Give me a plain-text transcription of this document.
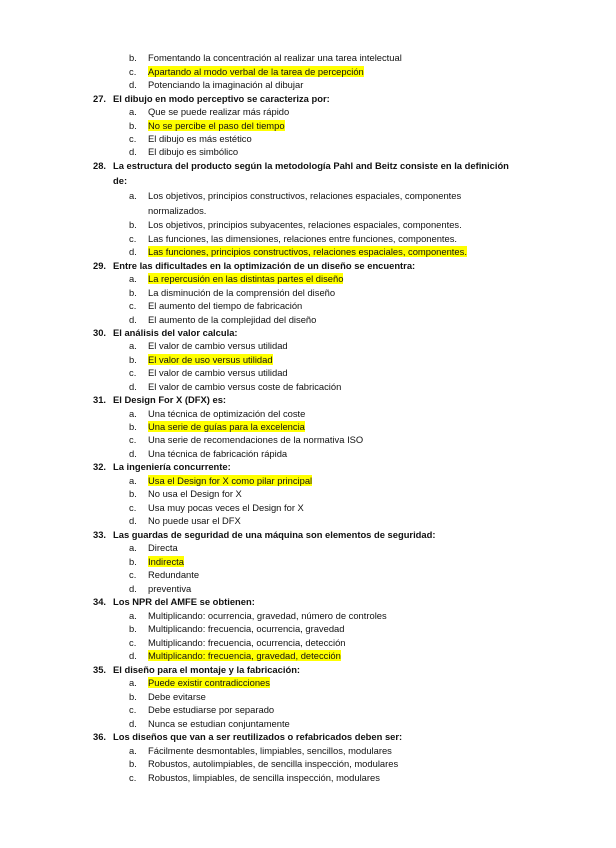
b. Fomentando la concentración al realizar una tarea intelectual
c. Apartando al modo verbal de la tarea de percepción
d. Potenciando la imaginación al dibujar
27. El dibujo en modo perceptivo se caracteriza por:
a. Que se puede realizar más rápido
b. No se percibe el paso del tiempo
c. El dibujo es más estético
d. El dibujo es simbólico
28. La estructura del producto según la metodología Pahl and Beitz consiste en la definición
de:
a. Los objetivos, principios constructivos, relaciones espaciales, componentes
normalizados.
b. Los objetivos, principios subyacentes, relaciones espaciales, componentes.
c. Las funciones, las dimensiones, relaciones entre funciones, componentes.
d. Las funciones, principios constructivos, relaciones espaciales, componentes.
29. Entre las dificultades en la optimización de un diseño se encuentra:
a. La repercusión en las distintas partes el diseño
b. La disminución de la comprensión del diseño
c. El aumento del tiempo de fabricación
d. El aumento de la complejidad del diseño
30. El análisis del valor calcula:
a. El valor de cambio versus utilidad
b. El valor de uso versus utilidad
c. El valor de cambio versus utilidad
d. El valor de cambio versus coste de fabricación
31. El Design For X (DFX) es:
a. Una técnica de optimización del coste
b. Una serie de guías para la excelencia
c. Una serie de recomendaciones de la normativa ISO
d. Una técnica de fabricación rápida
32. La ingeniería concurrente:
a. Usa el Design for X como pilar principal
b. No usa el Design for X
c. Usa muy pocas veces el Design for X
d. No puede usar el DFX
33. Las guardas de seguridad de una máquina son elementos de seguridad:
a. Directa
b. Indirecta
c. Redundante
d. preventiva
34. Los NPR del AMFE se obtienen:
a. Multiplicando: ocurrencia, gravedad, número de controles
b. Multiplicando: frecuencia, ocurrencia, gravedad
c. Multiplicando: frecuencia, ocurrencia, detección
d. Multiplicando: frecuencia, gravedad, detección
35. El diseño para el montaje y la fabricación:
a. Puede existir contradicciones
b. Debe evitarse
c. Debe estudiarse por separado
d. Nunca se estudian conjuntamente
36. Los diseños que van a ser reutilizados o refabricados deben ser:
a. Fácilmente desmontables, limpiables, sencillos, modulares
b. Robustos, autolimpiables, de sencilla inspección, modulares
c. Robustos, limpiables, de sencilla inspección, modulares
